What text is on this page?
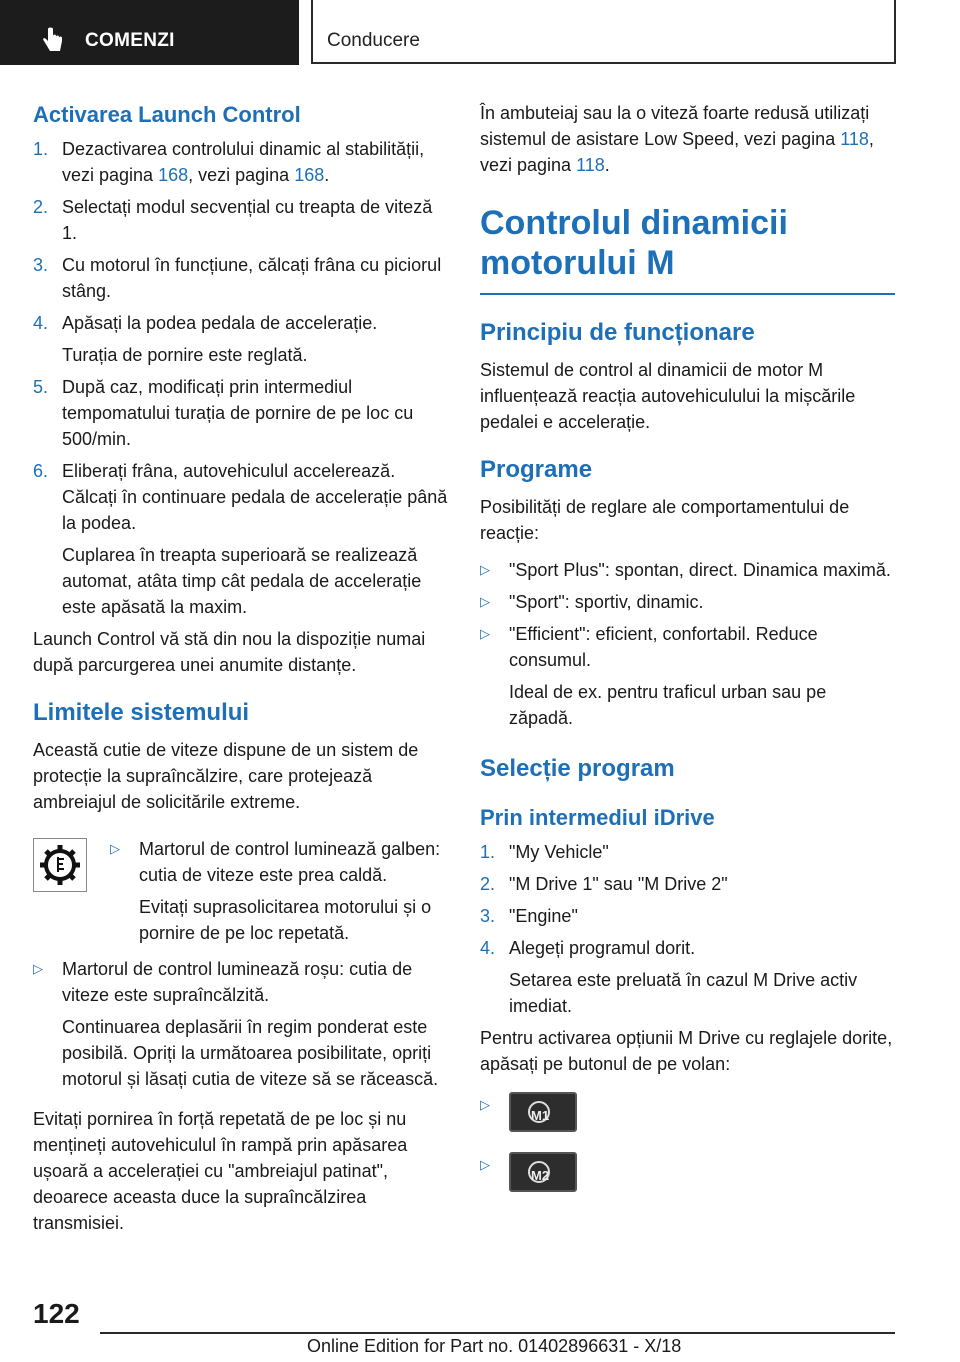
COMENZI	Conducere
Activarea Launch Control
1. Dezactivarea controlului dinamic al stabilității, vezi pagina 168, vezi pagina 168.
2. Selectați modul secvențial cu treapta de viteză 1.
3. Cu motorul în funcțiune, călcați frâna cu piciorul stâng.
4. Apăsați la podea pedala de accelerație.
Turația de pornire este reglată.
5. După caz, modificați prin intermediul tempomatului turația de pornire de pe loc cu 500/min.
6. Eliberați frâna, autovehiculul accelerează. Călcați în continuare pedala de accelerație până la podea.
Cuplarea în treapta superioară se realizează automat, atâta timp cât pedala de accelerație este apăsată la maxim.
Launch Control vă stă din nou la dispoziție numai după parcurgerea unei anumite distanțe.
Limitele sistemului
Această cutie de viteze dispune de un sistem de protecție la supraîncălzire, care protejează ambreiajul de solicitările extreme.
▷ Martorul de control luminează galben: cutia de viteze este prea caldă.
Evitați suprasolicitarea motorului și o pornire de pe loc repetată.
▷ Martorul de control luminează roșu: cutia de viteze este supraîncălzită.
Continuarea deplasării în regim ponderat este posibilă. Opriți la următoarea posibilitate, opriți motorul și lăsați cutia de viteze să se răcească.
Evitați pornirea în forță repetată de pe loc și nu mențineți autovehiculul în rampă prin apăsarea ușoară a accelerației cu "ambreiajul patinat", deoarece aceasta duce la supraîncălzirea transmisiei.
În ambuteiaj sau la o viteză foarte redusă utilizați sistemul de asistare Low Speed, vezi pagina 118, vezi pagina 118.
Controlul dinamicii motorului M
Principiu de funcționare
Sistemul de control al dinamicii de motor M influențează reacția autovehiculului la mișcările pedalei e accelerație.
Programe
Posibilități de reglare ale comportamentului de reacție:
▷ "Sport Plus": spontan, direct. Dinamica maximă.
▷ "Sport": sportiv, dinamic.
▷ "Efficient": eficient, confortabil. Reduce consumul.
Ideal de ex. pentru traficul urban sau pe zăpadă.
Selecție program
Prin intermediul iDrive
1. "My Vehicle"
2. "M Drive 1" sau "M Drive 2"
3. "Engine"
4. Alegeți programul dorit.
Setarea este preluată în cazul M Drive activ imediat.
Pentru activarea opțiunii M Drive cu reglajele dorite, apăsați pe butonul de pe volan:
▷
M1
▷
M2
122
Online Edition for Part no. 01402896631 - X/18
